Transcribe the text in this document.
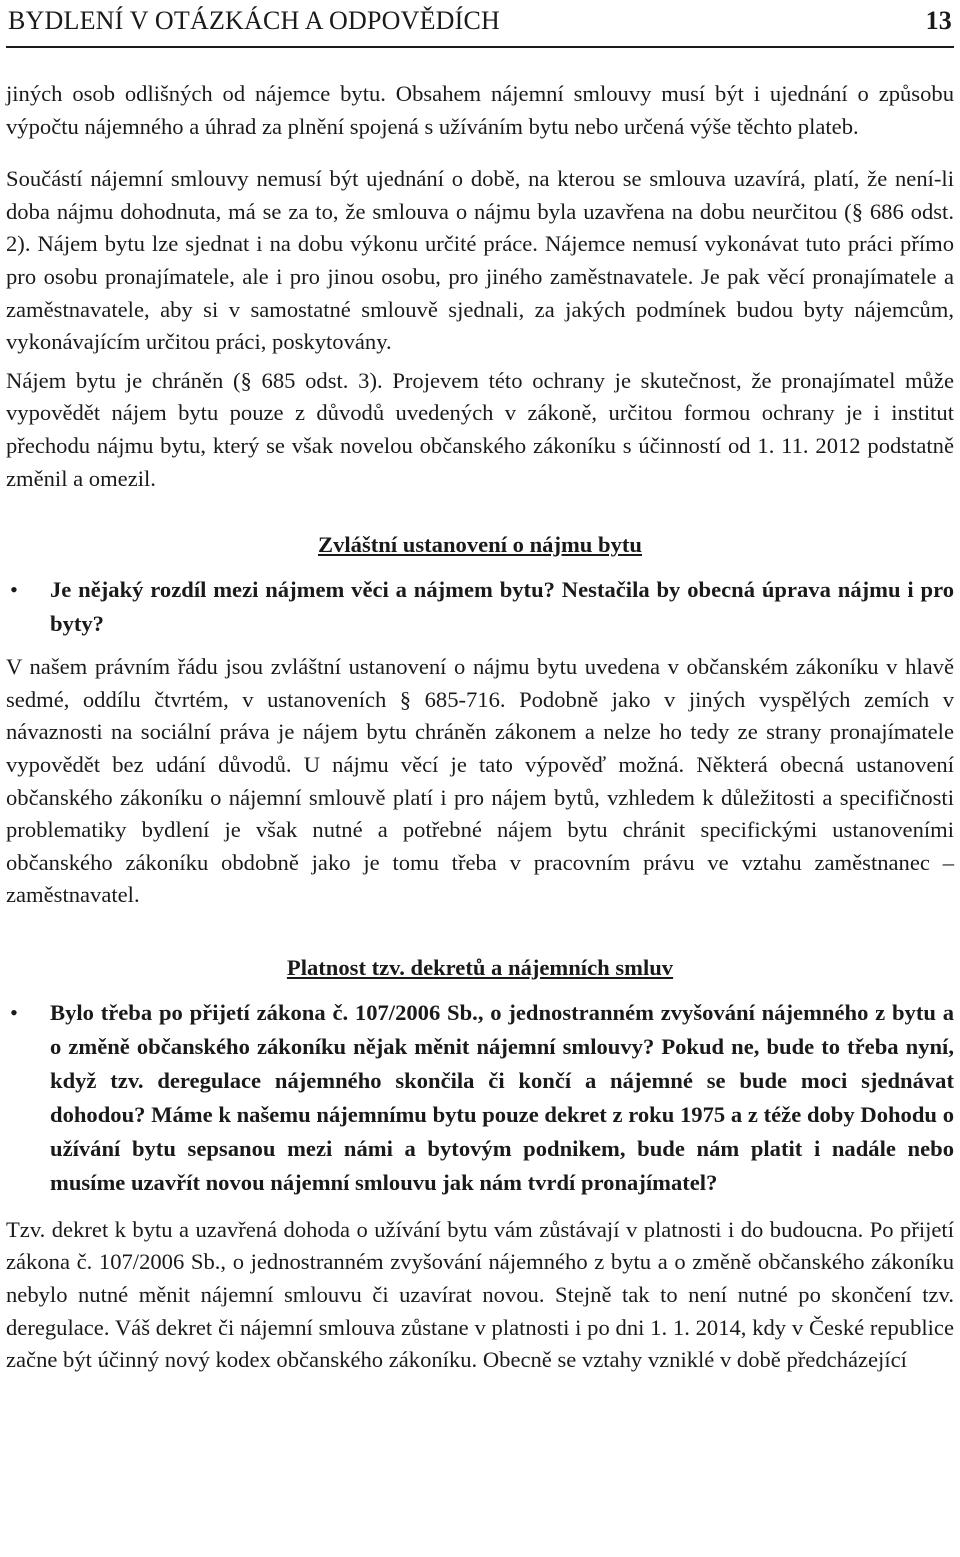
BYDLENÍ V OTÁZKÁCH A ODPOVĚDÍCH	13

jiných osob odlišných od nájemce bytu. Obsahem nájemní smlouvy musí být i ujednání o způsobu výpočtu nájemného a úhrad za plnění spojená s užíváním bytu nebo určená výše těchto plateb.

Součástí nájemní smlouvy nemusí být ujednání o době, na kterou se smlouva uzavírá, platí, že není-li doba nájmu dohodnuta, má se za to, že smlouva o nájmu byla uzavřena na dobu neurčitou (§ 686 odst. 2). Nájem bytu lze sjednat i na dobu výkonu určité práce. Nájemce nemusí vykonávat tuto práci přímo pro osobu pronajímatele, ale i pro jinou osobu, pro jiného zaměstnavatele. Je pak věcí pronajímatele a zaměstnavatele, aby si v samostatné smlouvě sjednali, za jakých podmínek budou byty nájemcům, vykonávajícím určitou práci, poskytovány.

Nájem bytu je chráněn (§ 685 odst. 3). Projevem této ochrany je skutečnost, že pronajímatel může vypovědět nájem bytu pouze z důvodů uvedených v zákoně, určitou formou ochrany je i institut přechodu nájmu bytu, který se však novelou občanského zákoníku s účinností od 1. 11. 2012 podstatně změnil a omezil.

Zvláštní ustanovení o nájmu bytu
•	Je nějaký rozdíl mezi nájmem věci a nájmem bytu? Nestačila by obecná úprava nájmu i pro byty?

V našem právním řádu jsou zvláštní ustanovení o nájmu bytu uvedena v občanském zákoníku v hlavě sedmé, oddílu čtvrtém, v ustanoveních § 685-716. Podobně jako v jiných vyspělých zemích v návaznosti na sociální práva je nájem bytu chráněn zákonem a nelze ho tedy ze strany pronajímatele vypovědět bez udání důvodů. U nájmu věcí je tato výpověď možná. Některá obecná ustanovení občanského zákoníku o nájemní smlouvě platí i pro nájem bytů, vzhledem k důležitosti a specifičnosti problematiky bydlení je však nutné a potřebné nájem bytu chránit specifickými ustanoveními občanského zákoníku obdobně jako je tomu třeba v pracovním právu ve vztahu zaměstnanec – zaměstnavatel.

Platnost tzv. dekretů a nájemních smluv
•	Bylo třeba po přijetí zákona č. 107/2006 Sb., o jednostranném zvyšování nájemného z bytu a o změně občanského zákoníku nějak měnit nájemní smlouvy? Pokud ne, bude to třeba nyní, když tzv. deregulace nájemného skončila či končí a nájemné se bude moci sjednávat dohodou? Máme k našemu nájemnímu bytu pouze dekret z roku 1975 a z téže doby Dohodu o užívání bytu sepsanou mezi námi a bytovým podnikem, bude nám platit i nadále nebo musíme uzavřít novou nájemní smlouvu jak nám tvrdí pronajímatel?

Tzv. dekret k bytu a uzavřená dohoda o užívání bytu vám zůstávají v platnosti i do budoucna. Po přijetí zákona č. 107/2006 Sb., o jednostranném zvyšování nájemného z bytu a o změně občanského zákoníku nebylo nutné měnit nájemní smlouvu či uzavírat novou. Stejně tak to není nutné po skončení tzv. deregulace. Váš dekret či nájemní smlouva zůstane v platnosti i po dni 1. 1. 2014, kdy v České republice začne být účinný nový kodex občanského zákoníku. Obecně se vztahy vzniklé v době předcházející
